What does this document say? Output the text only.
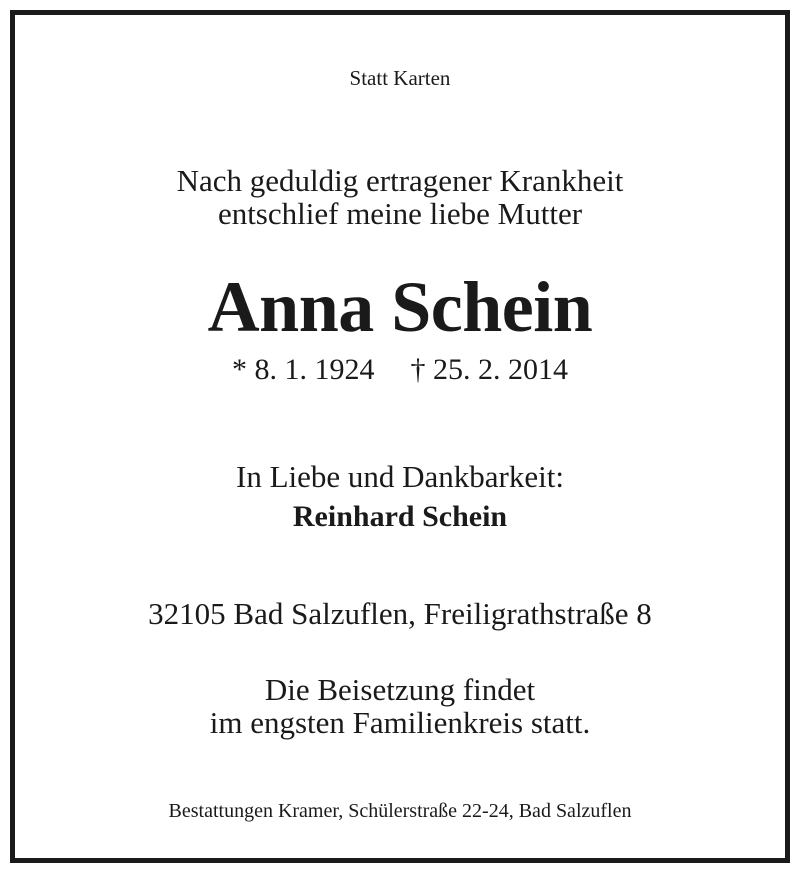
Statt Karten
Nach geduldig ertragener Krankheit
entschlief meine liebe Mutter
Anna Schein
* 8. 1. 1924 † 25. 2. 2014
In Liebe und Dankbarkeit:
Reinhard Schein
32105 Bad Salzuflen, Freiligrathstraße 8
Die Beisetzung findet
im engsten Familienkreis statt.
Bestattungen Kramer, Schülerstraße 22-24, Bad Salzuflen
